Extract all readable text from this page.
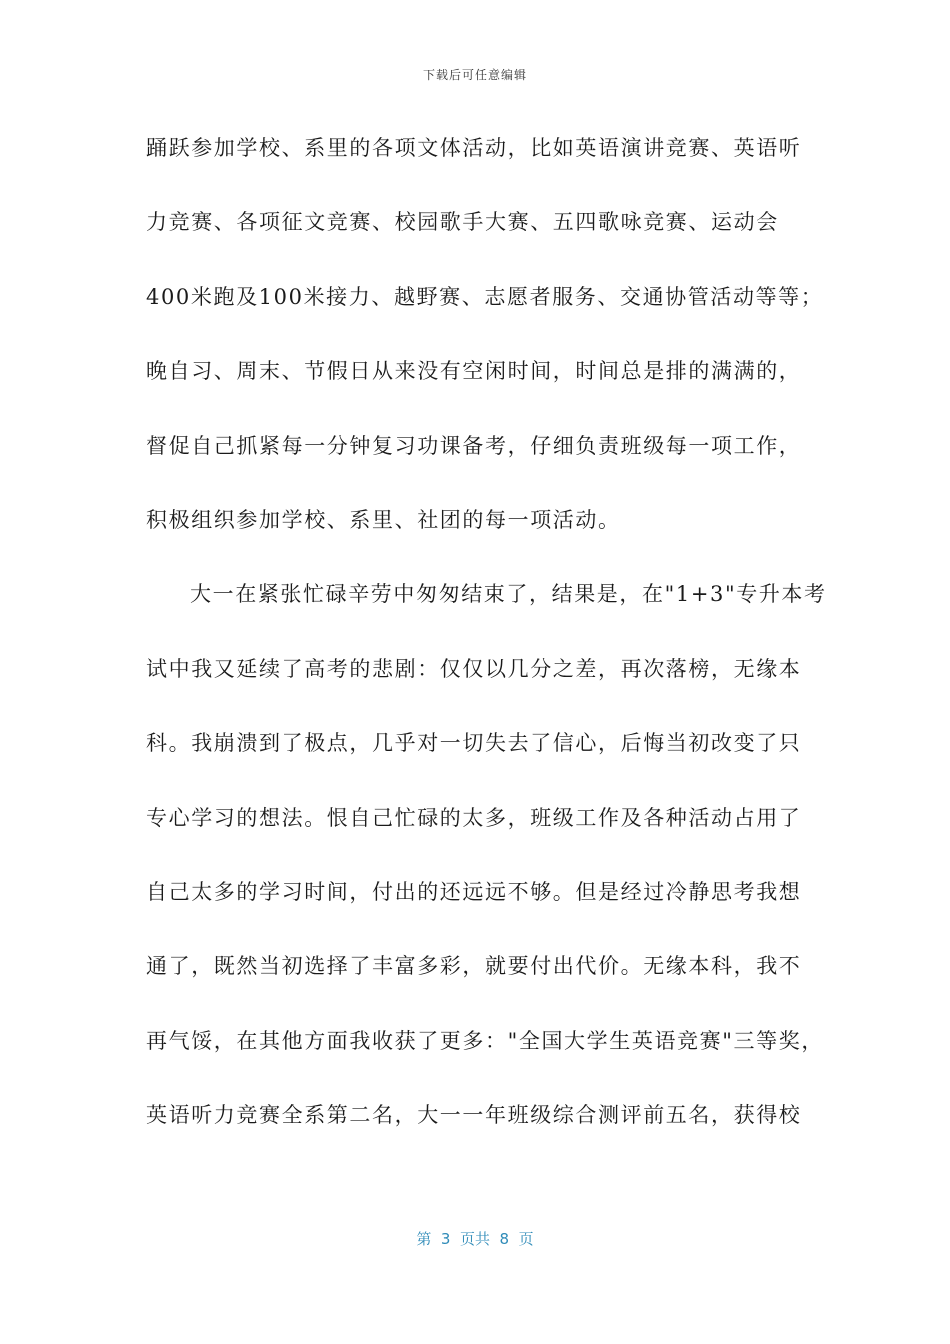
下载后可任意编辑
踊跃参加学校、系里的各项文体活动，比如英语演讲竞赛、英语听
力竞赛、各项征文竞赛、校园歌手大赛、五四歌咏竞赛、运动会
400米跑及100米接力、越野赛、志愿者服务、交通协管活动等等；
晚自习、周末、节假日从来没有空闲时间，时间总是排的满满的，
督促自己抓紧每一分钟复习功课备考，仔细负责班级每一项工作，
积极组织参加学校、系里、社团的每一项活动。
大一在紧张忙碌辛劳中匆匆结束了，结果是，在"1+3"专升本考
试中我又延续了高考的悲剧：仅仅以几分之差，再次落榜，无缘本
科。我崩溃到了极点，几乎对一切失去了信心，后悔当初改变了只
专心学习的想法。恨自己忙碌的太多，班级工作及各种活动占用了
自己太多的学习时间，付出的还远远不够。但是经过冷静思考我想
通了，既然当初选择了丰富多彩，就要付出代价。无缘本科，我不
再气馁，在其他方面我收获了更多："全国大学生英语竞赛"三等奖，
英语听力竞赛全系第二名，大一一年班级综合测评前五名，获得校
第  3  页共  8  页
